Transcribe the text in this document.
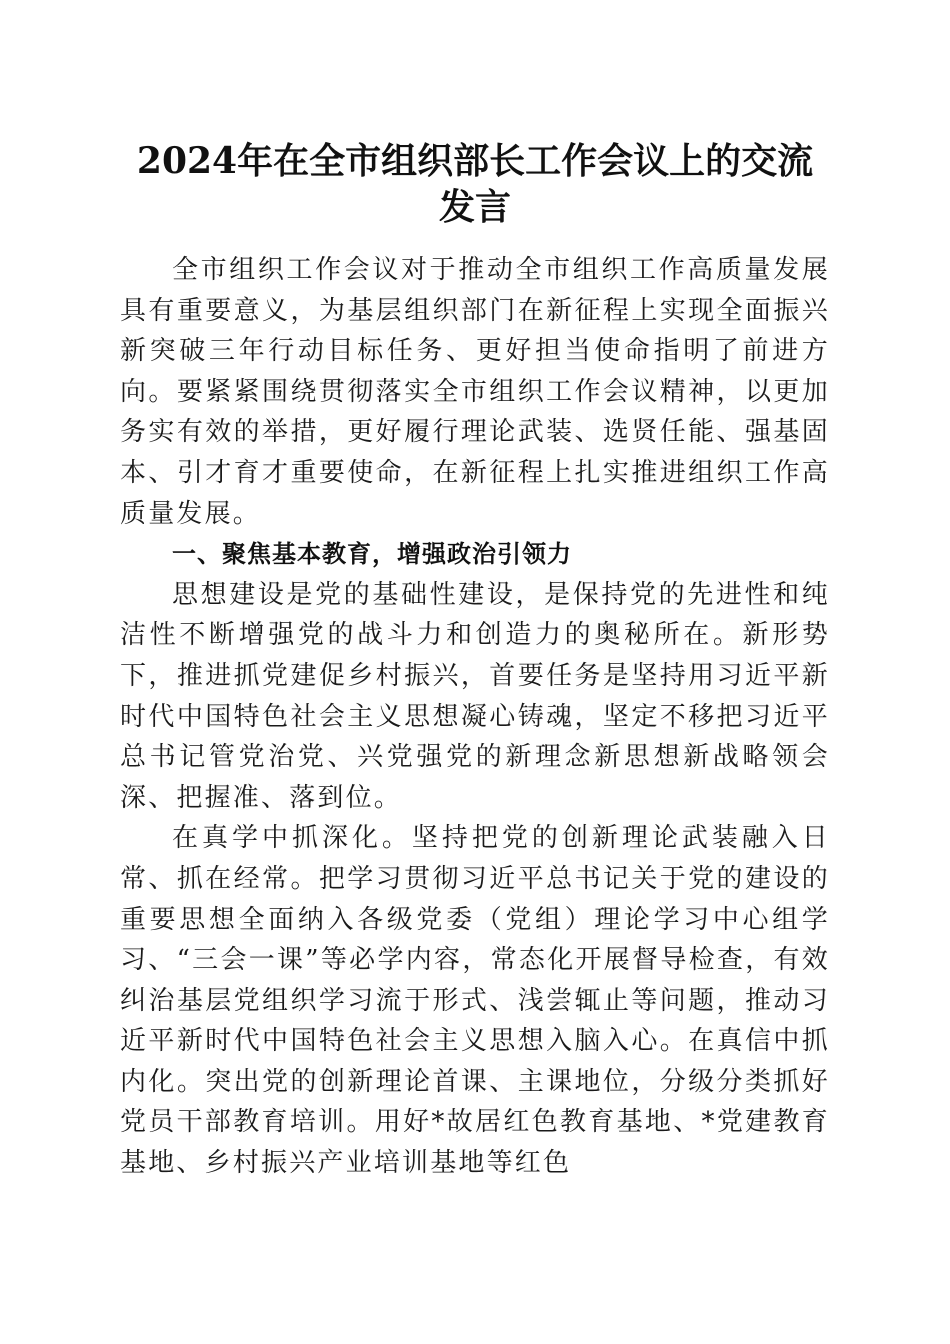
2024年在全市组织部长工作会议上的交流发言

全市组织工作会议对于推动全市组织工作高质量发展具有重要意义，为基层组织部门在新征程上实现全面振兴新突破三年行动目标任务、更好担当使命指明了前进方向。要紧紧围绕贯彻落实全市组织工作会议精神，以更加务实有效的举措，更好履行理论武装、选贤任能、强基固本、引才育才重要使命，在新征程上扎实推进组织工作高质量发展。

一、聚焦基本教育，增强政治引领力

思想建设是党的基础性建设，是保持党的先进性和纯洁性不断增强党的战斗力和创造力的奥秘所在。新形势下，推进抓党建促乡村振兴，首要任务是坚持用习近平新时代中国特色社会主义思想凝心铸魂，坚定不移把习近平总书记管党治党、兴党强党的新理念新思想新战略领会深、把握准、落到位。

在真学中抓深化。坚持把党的创新理论武装融入日常、抓在经常。把学习贯彻习近平总书记关于党的建设的重要思想全面纳入各级党委（党组）理论学习中心组学习、“三会一课”等必学内容，常态化开展督导检查，有效纠治基层党组织学习流于形式、浅尝辄止等问题，推动习近平新时代中国特色社会主义思想入脑入心。在真信中抓内化。突出党的创新理论首课、主课地位，分级分类抓好党员干部教育培训。用好*故居红色教育基地、*党建教育基地、乡村振兴产业培训基地等红色
